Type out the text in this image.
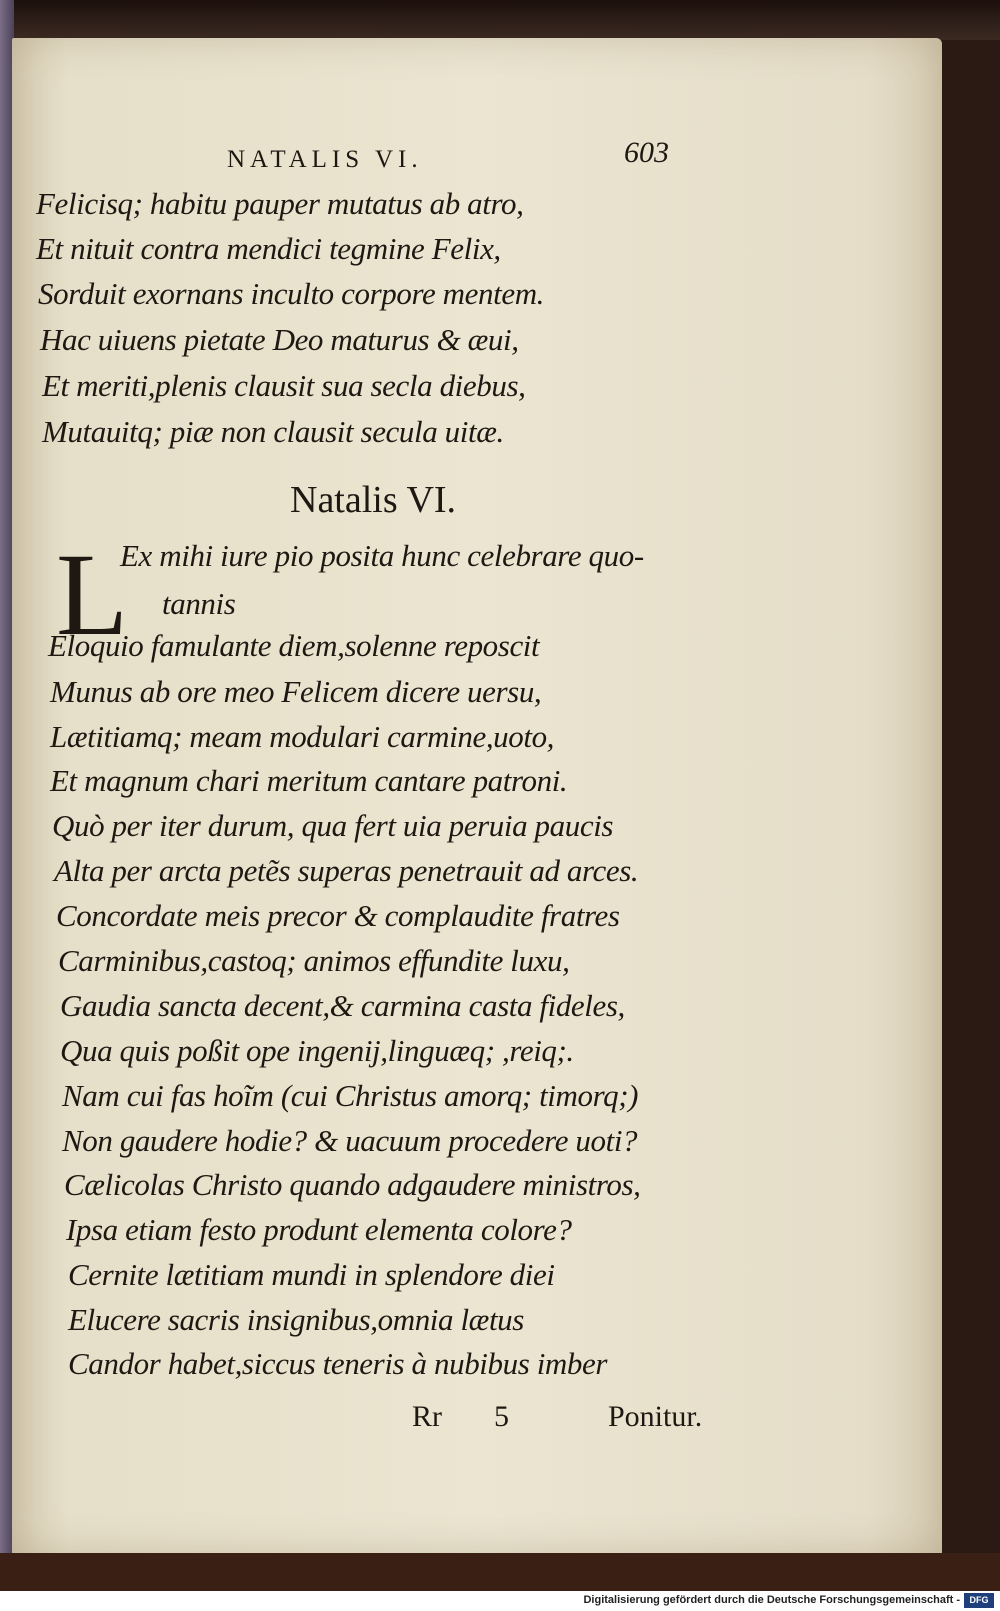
NATALIS VI.	603
Felicisq; habitu pauper mutatus ab atro,
Et nituit contra mendici tegmine Felix,
Sorduit exornans inculto corpore mentem.
Hac uiuens pietate Deo maturus & æui,
Et meriti,plenis clausit sua secla diebus,
Mutauitq; piæ non clausit secula uitæ.
Natalis VI.
L
Ex mihi iure pio posita hunc celebrare quo-
tannis
Eloquio famulante diem,solenne reposcit
Munus ab ore meo Felicem dicere uersu,
Lætitiamq; meam modulari carmine,uoto,
Et magnum chari meritum cantare patroni.
Quò per iter durum, qua fert uia peruia paucis
Alta per arcta petẽs superas penetrauit ad arces.
Concordate meis precor & complaudite fratres
Carminibus,castoq; animos effundite luxu,
Gaudia sancta decent,& carmina casta fideles,
Qua quis poßit ope ingenij,linguæq; ,reiq;.
Nam cui fas hoĩm (cui Christus amorq; timorq;)
Non gaudere hodie? & uacuum procedere uoti?
Cælicolas Christo quando adgaudere ministros,
Ipsa etiam festo produnt elementa colore?
Cernite lætitiam mundi in splendore diei
Elucere sacris insignibus,omnia lætus
Candor habet,siccus teneris à nubibus imber
Rr 5	Ponitur.
Digitalisierung gefördert durch die Deutsche Forschungsgemeinschaft -	DFG
